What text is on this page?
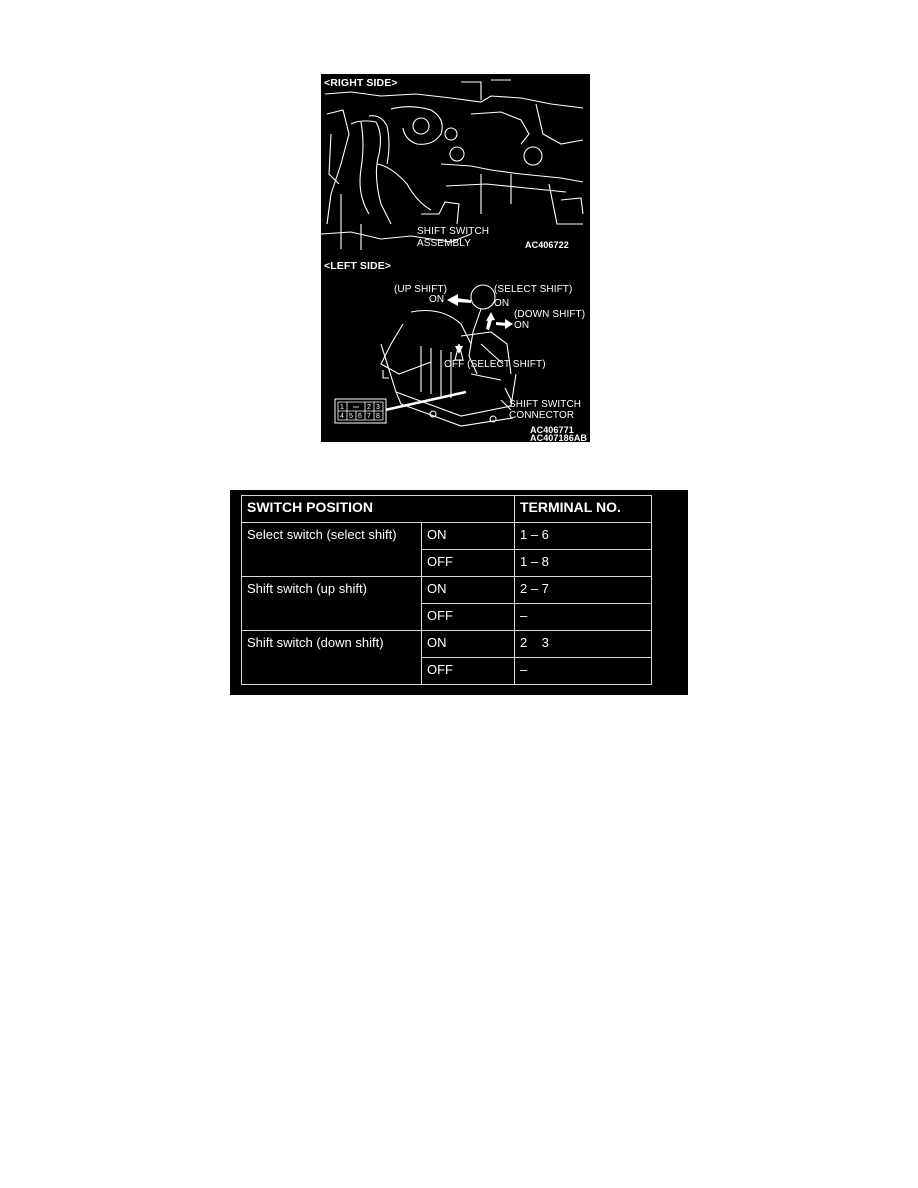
1	2 3
4 5 6 7 8
<RIGHT SIDE>
SHIFT SWITCH
ASSEMBLY	AC406722
<LEFT SIDE>
(UP SHIFT)
ON
(SELECT SHIFT)
ON
(DOWN SHIFT)
ON
OFF (SELECT SHIFT)
SHIFT SWITCH
CONNECTOR
AC406771
AC407186AB
SWITCH POSITION		TERMINAL NO.
Select switch (select shift)	ON	1 – 6
	OFF	1 – 8
Shift switch (up shift)	ON	2 – 7
	OFF	–
Shift switch (down shift)	ON	2    3
	OFF	–
